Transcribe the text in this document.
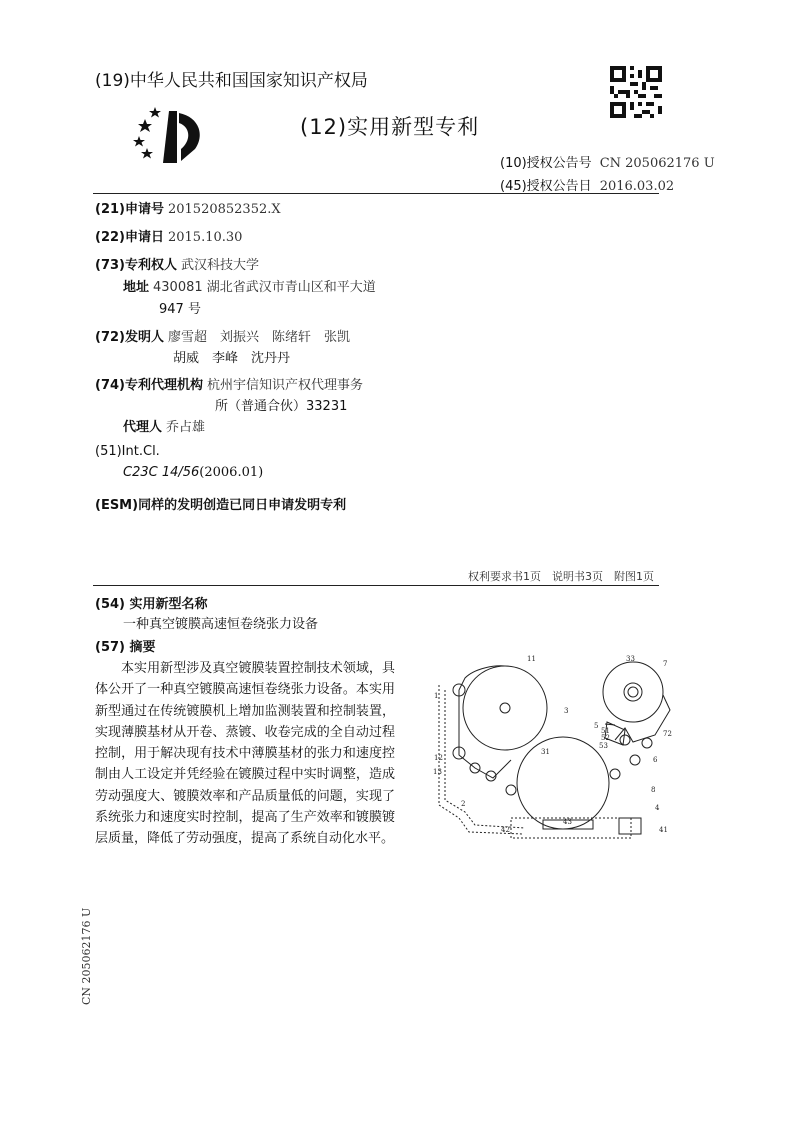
(19)中华人民共和国国家知识产权局
(12)实用新型专利
(10)授权公告号 CN 205062176 U
(45)授权公告日 2016.03.02
(21)申请号 201520852352.X
(22)申请日 2015.10.30
(73)专利权人 武汉科技大学
地址 430081 湖北省武汉市青山区和平大道
947 号
(72)发明人 廖雪超　刘振兴　陈绪轩　张凯
胡威　李峰　沈丹丹
(74)专利代理机构 杭州宇信知识产权代理事务
所（普通合伙）33231
代理人 乔占雄
(51)Int.Cl.
C23C 14/56(2006.01)
(ESM)同样的发明创造已同日申请发明专利
权利要求书1页　说明书3页　附图1页
(54) 实用新型名称
一种真空镀膜高速恒卷绕张力设备
(57) 摘要
本实用新型涉及真空镀膜装置控制技术领域，具体公开了一种真空镀膜高速恒卷绕张力设备。本实用新型通过在传统镀膜机上增加监测装置和控制装置，实现薄膜基材从开卷、蒸镀、收卷完成的全自动过程控制，用于解决现有技术中薄膜基材的张力和速度控制由人工设定并凭经验在镀膜过程中实时调整，造成劳动强度大、镀膜效率和产品质量低的问题，实现了系统张力和速度实时控制，提高了生产效率和镀膜镀层质量，降低了劳动强度，提高了系统自动化水平。
11
1
12
13
2
3
31
5
51
52
53
33
7
72
6
8
4
41
42
43
CN 205062176 U
